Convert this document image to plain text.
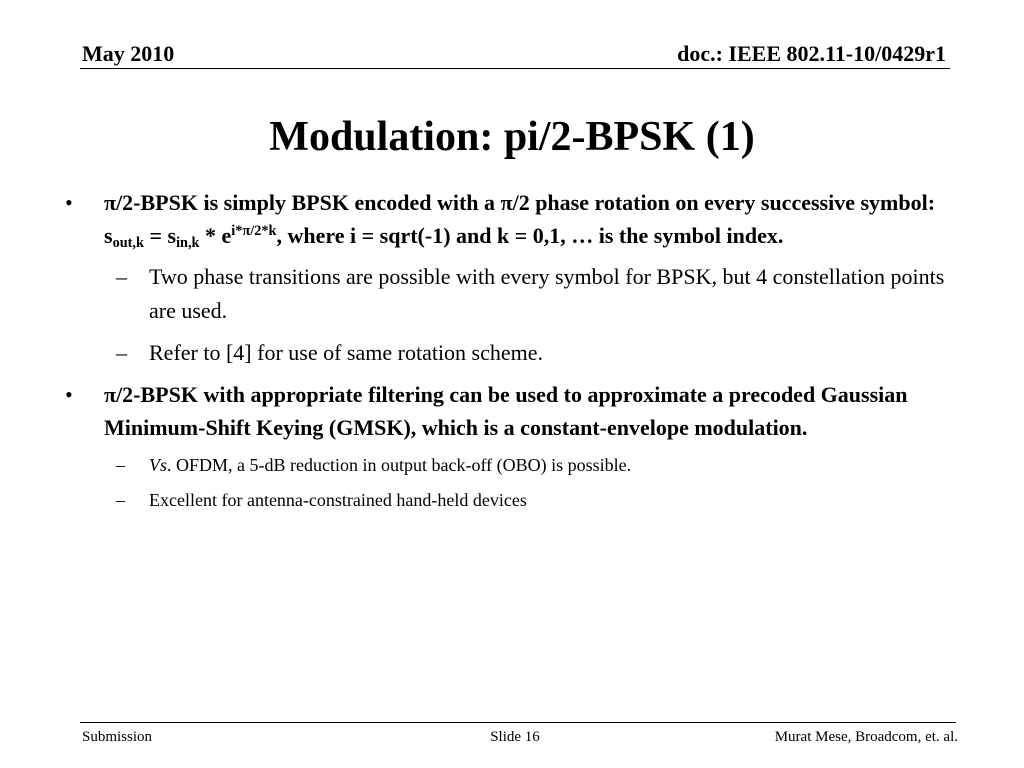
May 2010	doc.: IEEE 802.11-10/0429r1
Modulation: pi/2-BPSK (1)
• π/2-BPSK is simply BPSK encoded with a π/2 phase rotation on every successive symbol: $s_{out,k} = s_{in,k} * e^{i*\pi/2*k}$, where i = sqrt(-1) and k = 0,1, … is the symbol index.
– Two phase transitions are possible with every symbol for BPSK, but 4 constellation points are used.
– Refer to [4] for use of same rotation scheme.
• π/2-BPSK with appropriate filtering can be used to approximate a precoded Gaussian Minimum-Shift Keying (GMSK), which is a constant-envelope modulation.
– Vs. OFDM, a 5-dB reduction in output back-off (OBO) is possible.
– Excellent for antenna-constrained hand-held devices
Submission	Slide 16	Murat Mese, Broadcom, et. al.
